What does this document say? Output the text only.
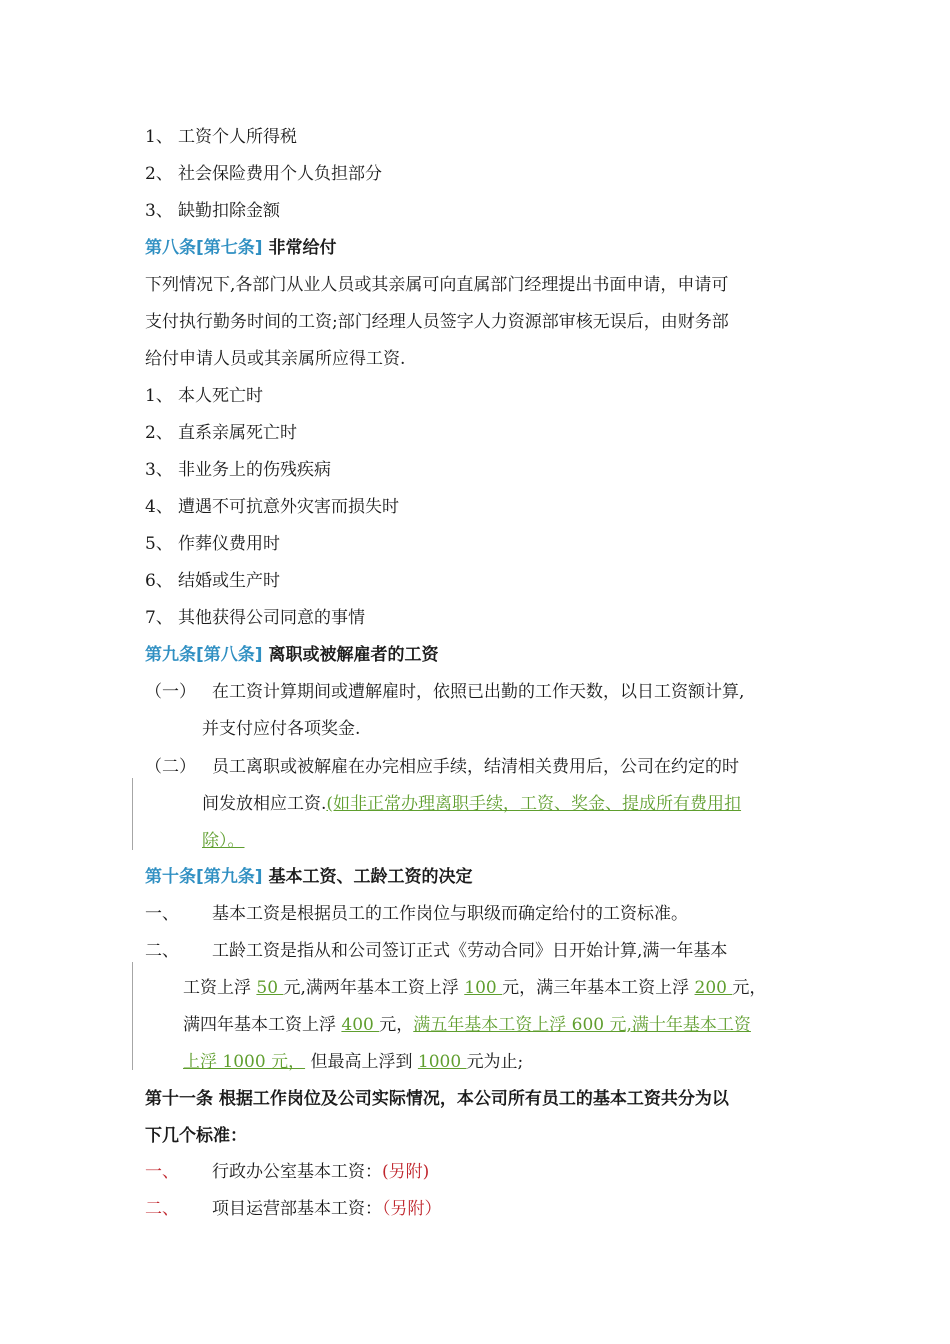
1、 工资个人所得税
2、 社会保险费用个人负担部分
3、 缺勤扣除金额
第八条[第七条] 非常给付
下列情况下,各部门从业人员或其亲属可向直属部门经理提出书面申请，申请可
支付执行勤务时间的工资;部门经理人员签字人力资源部审核无误后，由财务部
给付申请人员或其亲属所应得工资.
1、 本人死亡时
2、 直系亲属死亡时
3、 非业务上的伤残疾病
4、 遭遇不可抗意外灾害而损失时
5、 作葬仪费用时
6、 结婚或生产时
7、 其他获得公司同意的事情
第九条[第八条] 离职或被解雇者的工资
（一） 在工资计算期间或遭解雇时，依照已出勤的工作天数，以日工资额计算,
并支付应付各项奖金.
（二） 员工离职或被解雇在办完相应手续，结清相关费用后，公司在约定的时
间发放相应工资.(如非正常办理离职手续，工资、奖金、提成所有费用扣
除）。
第十条[第九条] 基本工资、工龄工资的决定
一、 基本工资是根据员工的工作岗位与职级而确定给付的工资标准。
二、 工龄工资是指从和公司签订正式《劳动合同》日开始计算,满一年基本
工资上浮 50 元,满两年基本工资上浮 100 元，满三年基本工资上浮 200 元，
满四年基本工资上浮 400 元，满五年基本工资上浮 600 元,满十年基本工资
上浮 1000 元， 但最高上浮到 1000 元为止;
第十一条 根据工作岗位及公司实际情况，本公司所有员工的基本工资共分为以
下几个标准：
一、 行政办公室基本工资：(另附)
二、 项目运营部基本工资：（另附）
